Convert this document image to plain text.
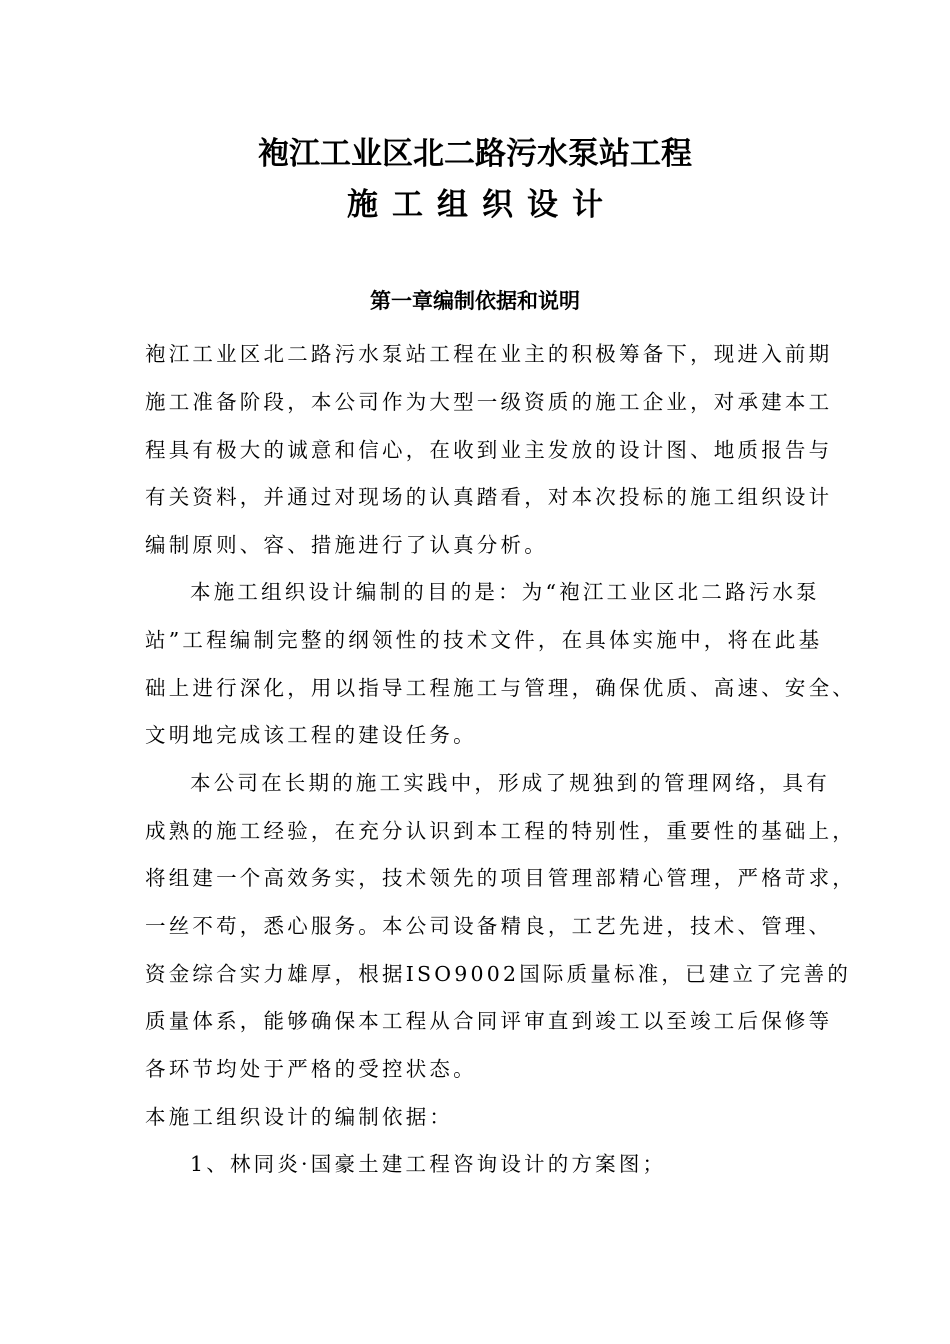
袍江工业区北二路污水泵站工程
施工组织设计
第一章编制依据和说明
袍江工业区北二路污水泵站工程在业主的积极筹备下，现进入前期
施工准备阶段，本公司作为大型一级资质的施工企业，对承建本工
程具有极大的诚意和信心，在收到业主发放的设计图、地质报告与
有关资料，并通过对现场的认真踏看，对本次投标的施工组织设计
编制原则、容、措施进行了认真分析。
本施工组织设计编制的目的是：为“袍江工业区北二路污水泵
站”工程编制完整的纲领性的技术文件，在具体实施中，将在此基
础上进行深化，用以指导工程施工与管理，确保优质、高速、安全、
文明地完成该工程的建设任务。
本公司在长期的施工实践中，形成了规独到的管理网络，具有
成熟的施工经验，在充分认识到本工程的特别性，重要性的基础上，
将组建一个高效务实，技术领先的项目管理部精心管理，严格苛求，
一丝不苟，悉心服务。本公司设备精良，工艺先进，技术、管理、
资金综合实力雄厚，根据ISO9002国际质量标准，已建立了完善的
质量体系，能够确保本工程从合同评审直到竣工以至竣工后保修等
各环节均处于严格的受控状态。
本施工组织设计的编制依据：
1、林同炎·国豪土建工程咨询设计的方案图；
